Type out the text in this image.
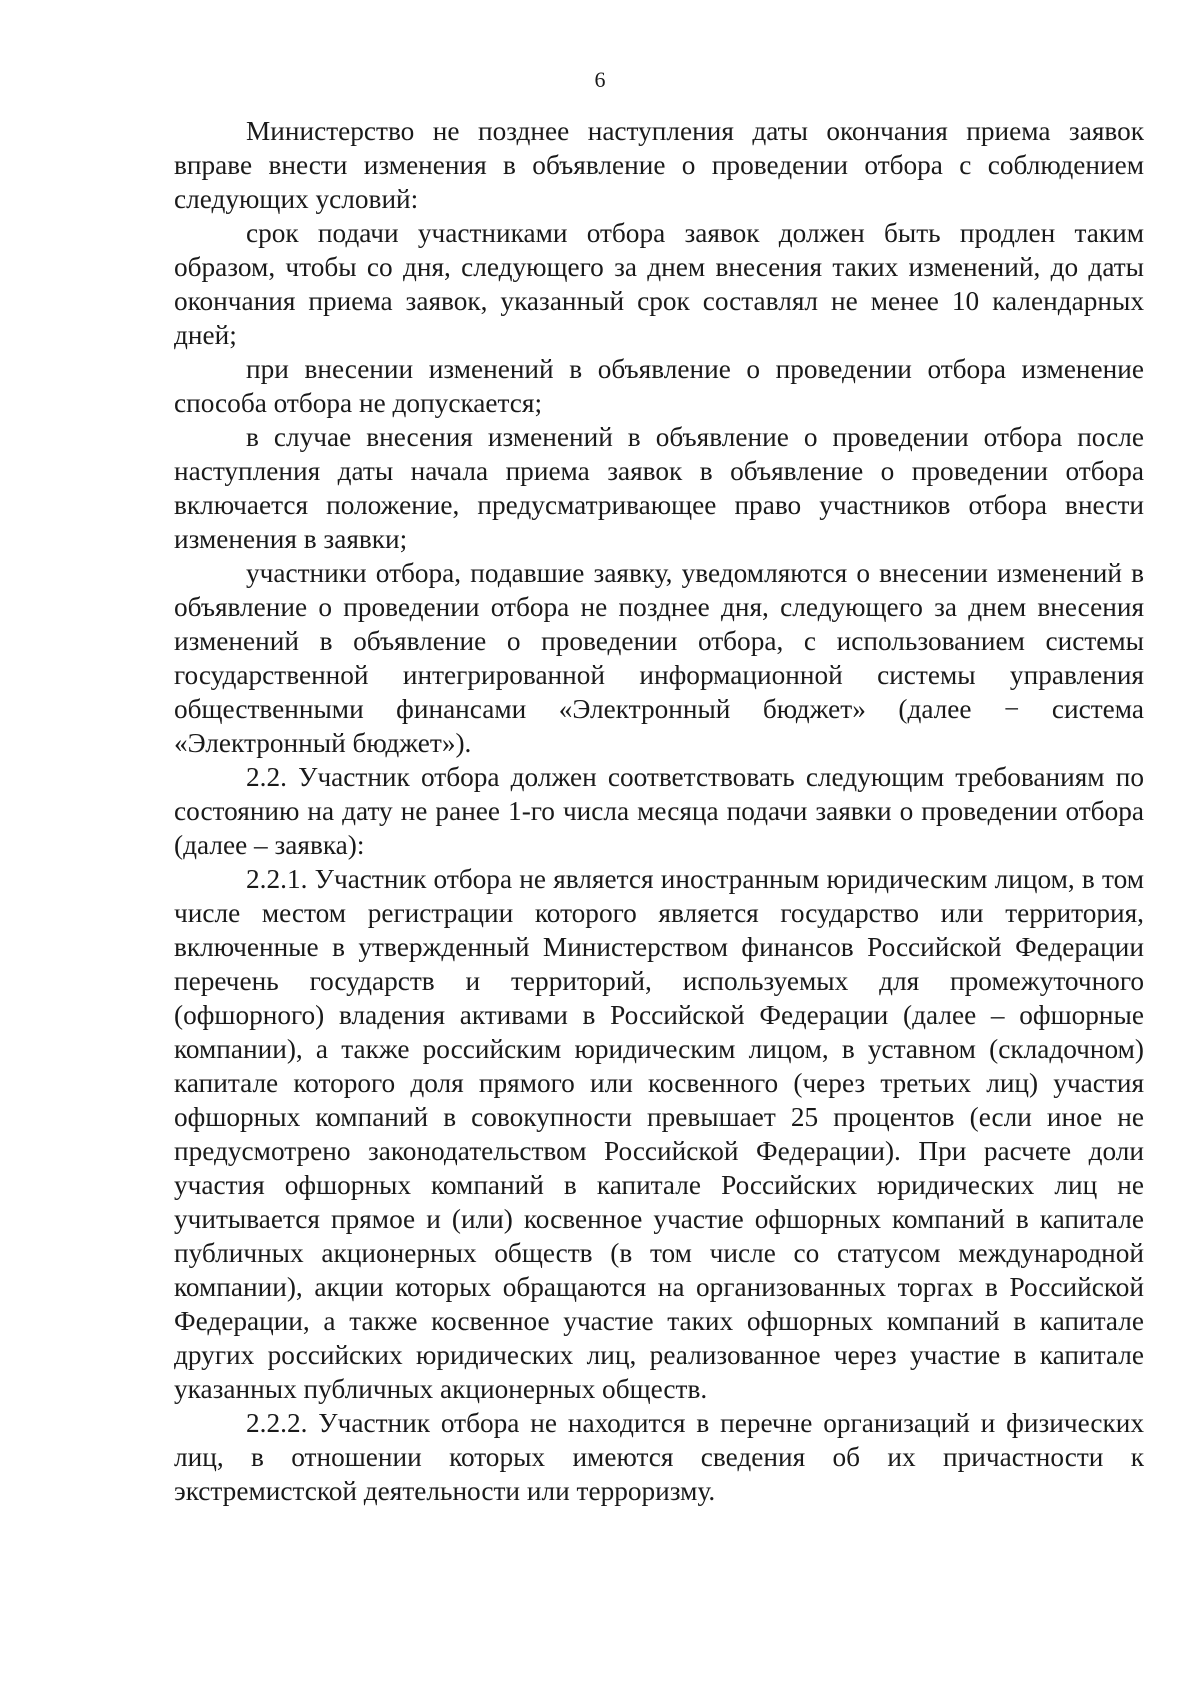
6

Министерство не позднее наступления даты окончания приема заявок вправе внести изменения в объявление о проведении отбора с соблюдением следующих условий:

срок подачи участниками отбора заявок должен быть продлен таким образом, чтобы со дня, следующего за днем внесения таких изменений, до даты окончания приема заявок, указанный срок составлял не менее 10 календарных дней;

при внесении изменений в объявление о проведении отбора изменение способа отбора не допускается;

в случае внесения изменений в объявление о проведении отбора после наступления даты начала приема заявок в объявление о проведении отбора включается положение, предусматривающее право участников отбора внести изменения в заявки;

участники отбора, подавшие заявку, уведомляются о внесении изменений в объявление о проведении отбора не позднее дня, следующего за днем внесения изменений в объявление о проведении отбора, с использованием системы государственной интегрированной информационной системы управления общественными финансами «Электронный бюджет» (далее − система «Электронный бюджет»).

2.2. Участник отбора должен соответствовать следующим требованиям по состоянию на дату не ранее 1-го числа месяца подачи заявки о проведении отбора (далее – заявка):

2.2.1. Участник отбора не является иностранным юридическим лицом, в том числе местом регистрации которого является государство или территория, включенные в утвержденный Министерством финансов Российской Федерации перечень государств и территорий, используемых для промежуточного (офшорного) владения активами в Российской Федерации (далее – офшорные компании), а также российским юридическим лицом, в уставном (складочном) капитале которого доля прямого или косвенного (через третьих лиц) участия офшорных компаний в совокупности превышает 25 процентов (если иное не предусмотрено законодательством Российской Федерации). При расчете доли участия офшорных компаний в капитале Российских юридических лиц не учитывается прямое и (или) косвенное участие офшорных компаний в капитале публичных акционерных обществ (в том числе со статусом международной компании), акции которых обращаются на организованных торгах в Российской Федерации, а также косвенное участие таких офшорных компаний в капитале других российских юридических лиц, реализованное через участие в капитале указанных публичных акционерных обществ.

2.2.2. Участник отбора не находится в перечне организаций и физических лиц, в отношении которых имеются сведения об их причастности к экстремистской деятельности или терроризму.
